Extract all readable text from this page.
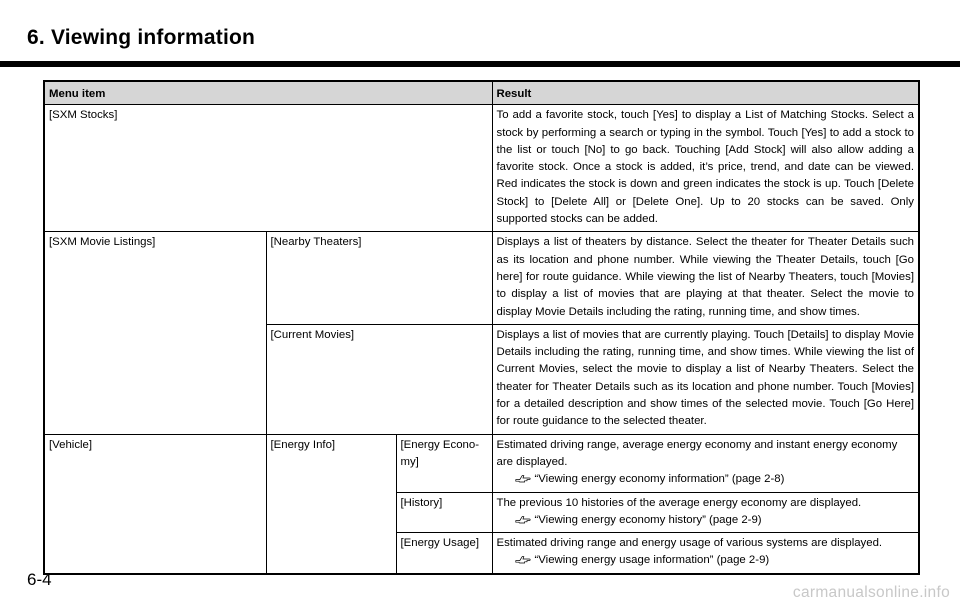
6. Viewing information
Menu item			Result
[SXM Stocks]			To add a favorite stock, touch [Yes] to display a List of Matching Stocks. Select a stock by performing a search or typing in the symbol. Touch [Yes] to add a stock to the list or touch [No] to go back. Touching [Add Stock] will also allow adding a favorite stock. Once a stock is added, it’s price, trend, and date can be viewed. Red indicates the stock is down and green indicates the stock is up. Touch [Delete Stock] to [Delete All] or [Delete One]. Up to 20 stocks can be saved. Only supported stocks can be added.
[SXM Movie Listings]	[Nearby Theaters]		Displays a list of theaters by distance. Select the theater for Theater Details such as its location and phone number. While viewing the Theater Details, touch [Go here] for route guidance. While viewing the list of Nearby Theaters, touch [Movies] to display a list of movies that are playing at that theater. Select the movie to display Movie Details including the rating, running time, and show times.
	[Current Movies]		Displays a list of movies that are currently playing. Touch [Details] to display Movie Details including the rating, running time, and show times. While viewing the list of Current Movies, select the movie to display a list of Nearby Theaters. Select the theater for Theater Details such as its location and phone number. Touch [Movies] for a detailed description and show times of the selected movie. Touch [Go Here] for route guidance to the selected theater.
[Vehicle]	[Energy Info]	[Energy Econo-
my]	Estimated driving range, average energy economy and instant energy economy are displayed.
“Viewing energy economy information” (page 2-8)

		[History]	The previous 10 histories of the average energy economy are displayed.
“Viewing energy economy history” (page 2-9)

		[Energy Usage]	Estimated driving range and energy usage of various systems are displayed.
“Viewing energy usage information” (page 2-9)
6-4
carmanualsonline.info
